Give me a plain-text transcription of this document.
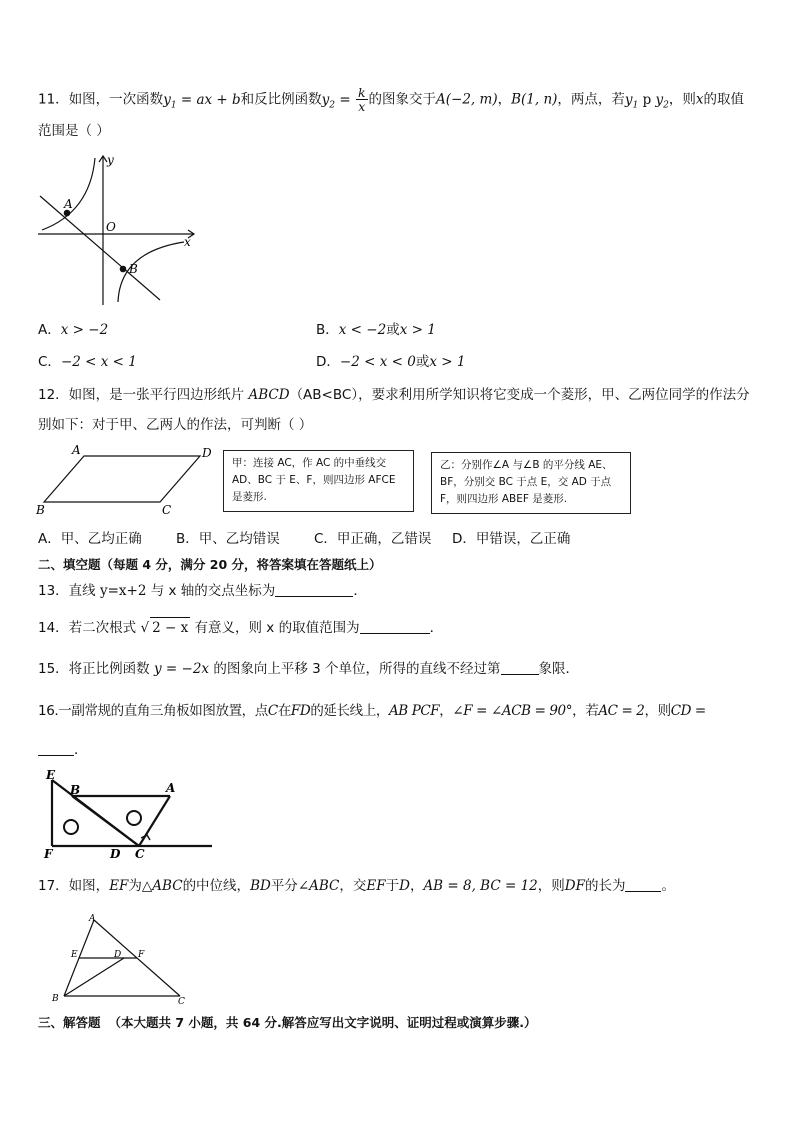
11．如图，一次函数$y_1$ = ax + b和反比例函数$y_2 = \frac{k}{x}$ 的图象交于A(−2, m)，B(1, n)，两点，若$y_1$ p $y_2$，则x的取值
范围是（ ）
y
O
x
A
B
A．x > −2	B．x < −2或x > 1
C．−2 < x < 1	D．−2 < x < 0或x > 1
12．如图，是一张平行四边形纸片 ABCD（AB<BC），要求利用所学知识将它变成一个菱形，甲、乙两位同学的作法分
别如下：对于甲、乙两人的作法，可判断（ ）
A	D
B	C
甲：连接 AC，作 AC 的中垂线交 AD、BC 于 E、F，则四边形 AFCE 是菱形.
乙：分别作∠A 与∠B 的平分线 AE、BF，分别交 BC 于点 E，交 AD 于点 F，则四边形 ABEF 是菱形.
A．甲、乙均正确	B．甲、乙均错误	C．甲正确，乙错误 D．甲错误，乙正确
二、填空题（每题 4 分，满分 20 分，将答案填在答题纸上）
13．直线 y=x+2 与 x 轴的交点坐标为	．
14．若二次根式 √ 2 − x 有意义，则 x 的取值范围为	．
15．将正比例函数 y = −2x 的图象向上平移 3 个单位，所得的直线不经过第	象限．
16.一副常规的直角三角板如图放置，点C在FD的延长线上，AB PCF，∠F = ∠ACB = 90°，若AC = 2，则CD =
．
E
B	A
F	D C
17．如图，EF为△ABC的中位线，BD平分∠ABC，交EF于D，AB = 8, BC = 12，则DF的长为	。
A
E	D F
B	C
三、解答题 （本大题共 7 小题，共 64 分.解答应写出文字说明、证明过程或演算步骤.）
